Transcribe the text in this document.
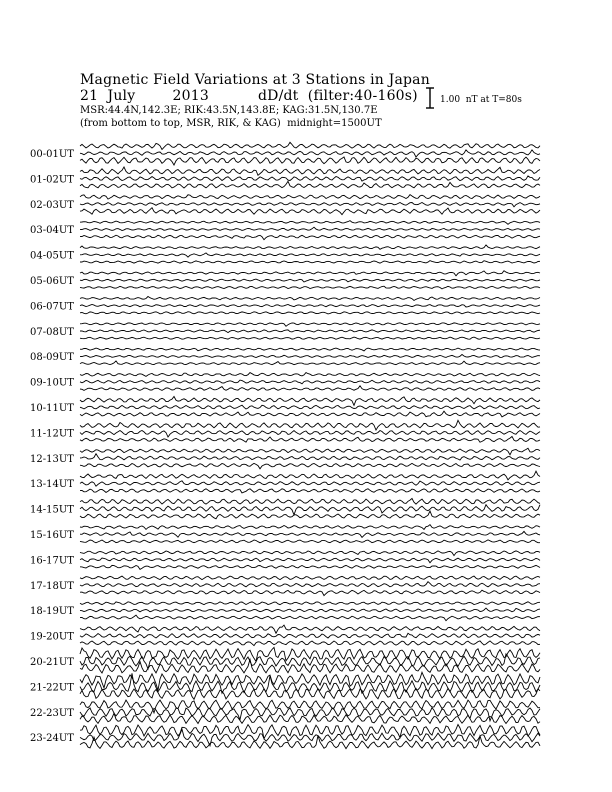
Magnetic Field Variations at 3 Stations in Japan
21  July        2013	dD/dt  (filter:40-160s)
MSR:44.4N,142.3E; RIK:43.5N,143.8E; KAG:31.5N,130.7E
(from bottom to top, MSR, RIK, & KAG)  midnight=1500UT
1.00  nT at T=80s
00-01UT
01-02UT
02-03UT
03-04UT
04-05UT
05-06UT
06-07UT
07-08UT
08-09UT
09-10UT
10-11UT
11-12UT
12-13UT
13-14UT
14-15UT
15-16UT
16-17UT
17-18UT
18-19UT
19-20UT
20-21UT
21-22UT
22-23UT
23-24UT
